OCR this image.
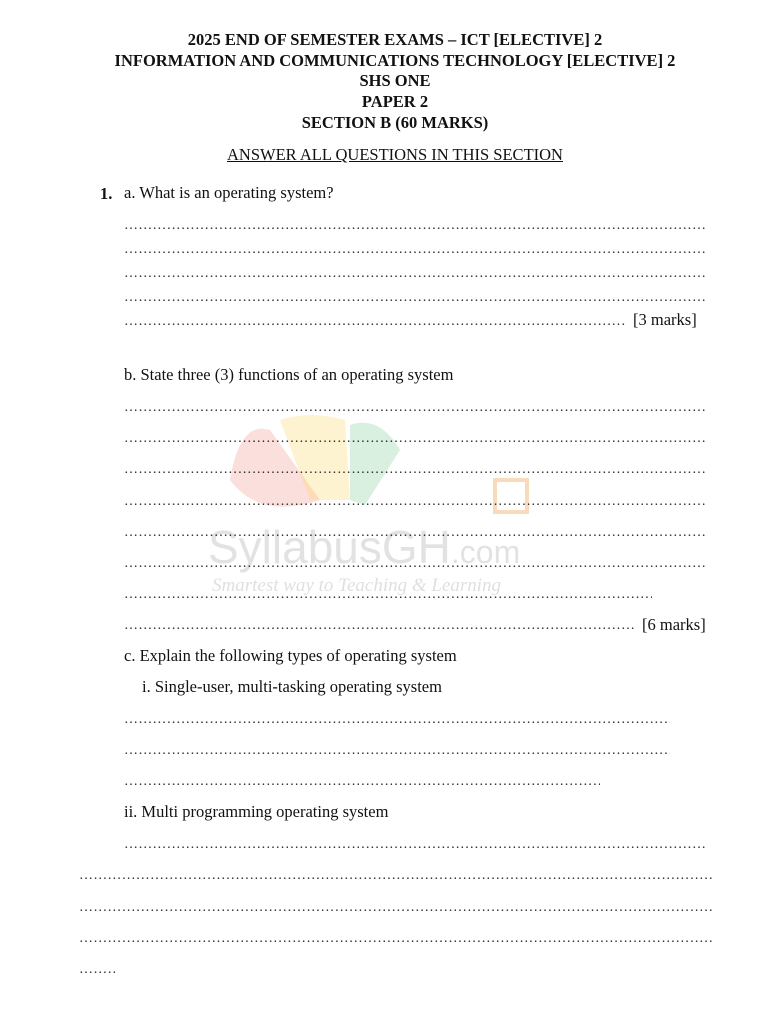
2025 END OF SEMESTER EXAMS – ICT [ELECTIVE] 2
INFORMATION AND COMMUNICATIONS TECHNOLOGY [ELECTIVE] 2
SHS ONE
PAPER 2
SECTION B (60 MARKS)
ANSWER ALL QUESTIONS IN THIS SECTION
SyllabusGH.com
Smartest way to Teaching & Learning
1. a. What is an operating system?
…………………………………………………………………………………………………………………………………………………………………
…………………………………………………………………………………………………………………………………………………………………
…………………………………………………………………………………………………………………………………………………………………
…………………………………………………………………………………………………………………………………………………………………
…………………………………………………………………………………………………………………………………………………………………
[3 marks]
b. State three (3) functions of an operating system
…………………………………………………………………………………………………………………………………………………………………
…………………………………………………………………………………………………………………………………………………………………
…………………………………………………………………………………………………………………………………………………………………
…………………………………………………………………………………………………………………………………………………………………
…………………………………………………………………………………………………………………………………………………………………
…………………………………………………………………………………………………………………………………………………………………
…………………………………………………………………………………………………………………………………………………………………
…………………………………………………………………………………………………………………………………………………………………
[6 marks]
c. Explain the following types of operating system
i. Single-user, multi-tasking operating system
…………………………………………………………………………………………………………………………………………………………………
…………………………………………………………………………………………………………………………………………………………………
…………………………………………………………………………………………………………………………………………………………………
ii. Multi programming operating system
…………………………………………………………………………………………………………………………………………………………………
…………………………………………………………………………………………………………………………………………………………………
…………………………………………………………………………………………………………………………………………………………………
…………………………………………………………………………………………………………………………………………………………………
…………………………………………………………………………………………………………………………………………………………………
